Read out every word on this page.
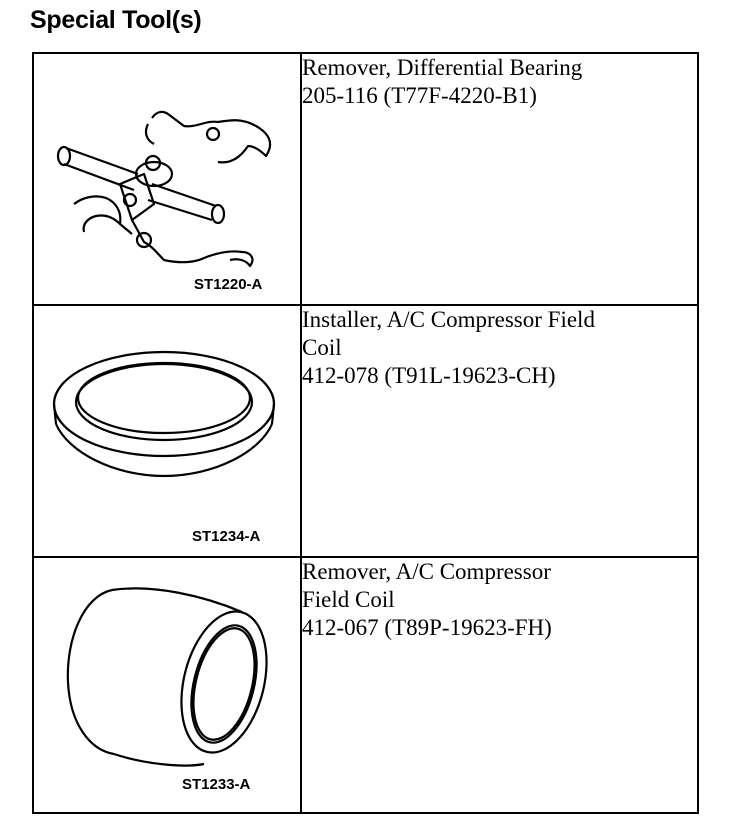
Special Tool(s)
ST1220-A	Remover, Differential Bearing
205-116 (T77F-4220-B1)

ST1234-A	Installer, A/C Compressor Field
Coil
412-078 (T91L-19623-CH)

ST1233-A	Remover, A/C Compressor
Field Coil
412-067 (T89P-19623-FH)
